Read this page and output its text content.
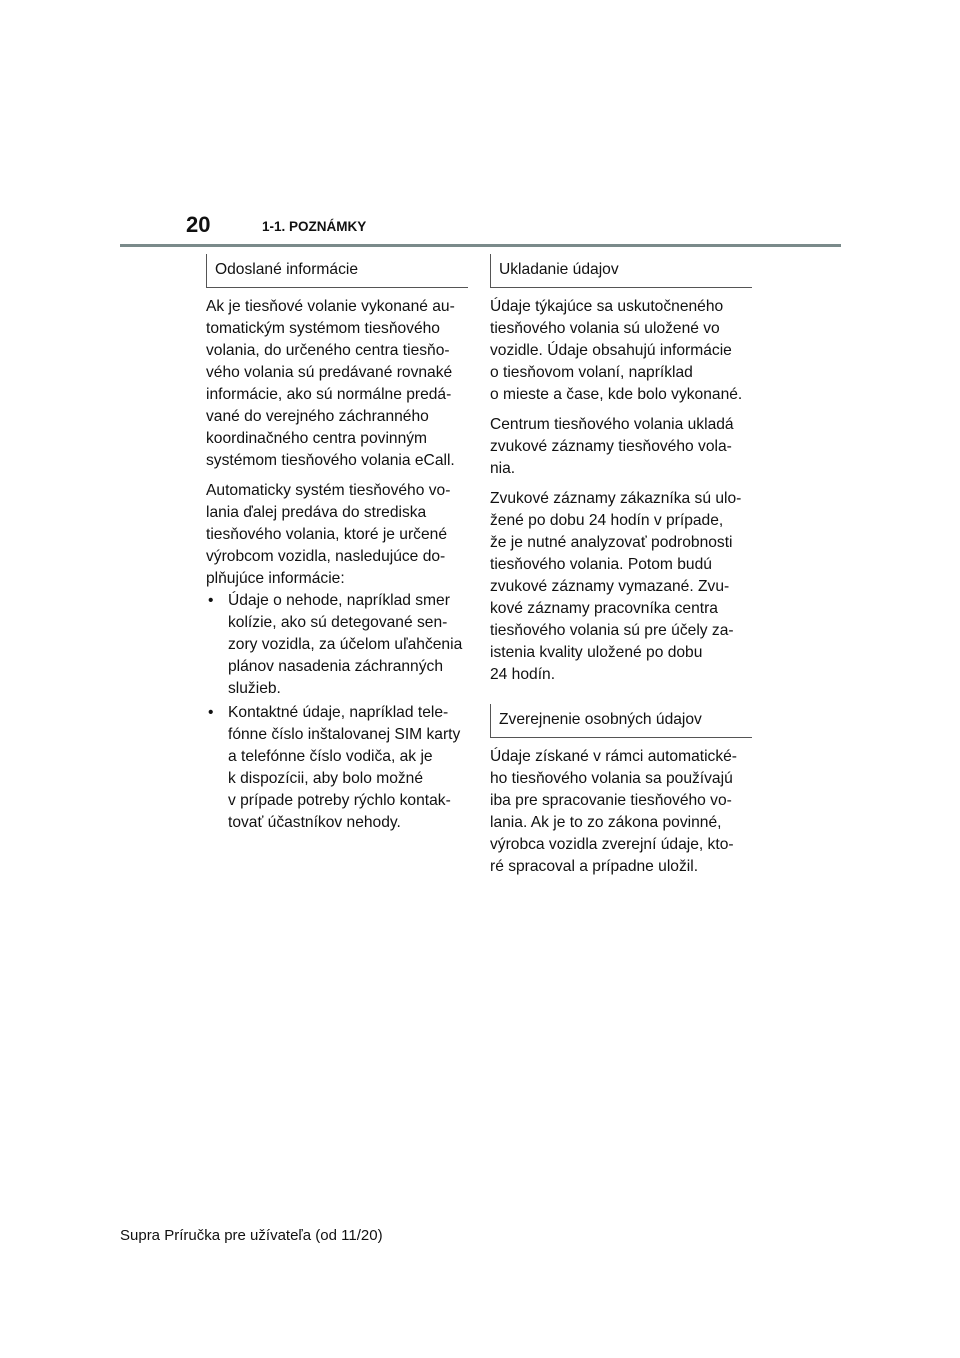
20	1-1. POZNÁMKY
Odoslané informácie

Ak je tiesňové volanie vykonané au-
tomatickým systémom tiesňového
volania, do určeného centra tiesňo-
vého volania sú predávané rovnaké
informácie, ako sú normálne predá-
vané do verejného záchranného
koordinačného centra povinným
systémom tiesňového volania eCall.

Automaticky systém tiesňového vo-
lania ďalej predáva do strediska
tiesňového volania, ktoré je určené
výrobcom vozidla, nasledujúce do-
plňujúce informácie:

• Údaje o nehode, napríklad smer
kolízie, ako sú detegované sen-
zory vozidla, za účelom uľahčenia
plánov nasadenia záchranných
služieb.
• Kontaktné údaje, napríklad tele-
fónne číslo inštalovanej SIM karty
a telefónne číslo vodiča, ak je
k dispozícii, aby bolo možné
v prípade potreby rýchlo kontak-
tovať účastníkov nehody.
Ukladanie údajov

Údaje týkajúce sa uskutočneného
tiesňového volania sú uložené vo
vozidle. Údaje obsahujú informácie
o tiesňovom volaní, napríklad
o mieste a čase, kde bolo vykonané.

Centrum tiesňového volania ukladá
zvukové záznamy tiesňového vola-
nia.

Zvukové záznamy zákazníka sú ulo-
žené po dobu 24 hodín v prípade,
že je nutné analyzovať podrobnosti
tiesňového volania. Potom budú
zvukové záznamy vymazané. Zvu-
kové záznamy pracovníka centra
tiesňového volania sú pre účely za-
istenia kvality uložené po dobu
24 hodín.

Zverejnenie osobných údajov

Údaje získané v rámci automatické-
ho tiesňového volania sa používajú
iba pre spracovanie tiesňového vo-
lania. Ak je to zo zákona povinné,
výrobca vozidla zverejní údaje, kto-
ré spracoval a prípadne uložil.

Supra Príručka pre užívateľa (od 11/20)
